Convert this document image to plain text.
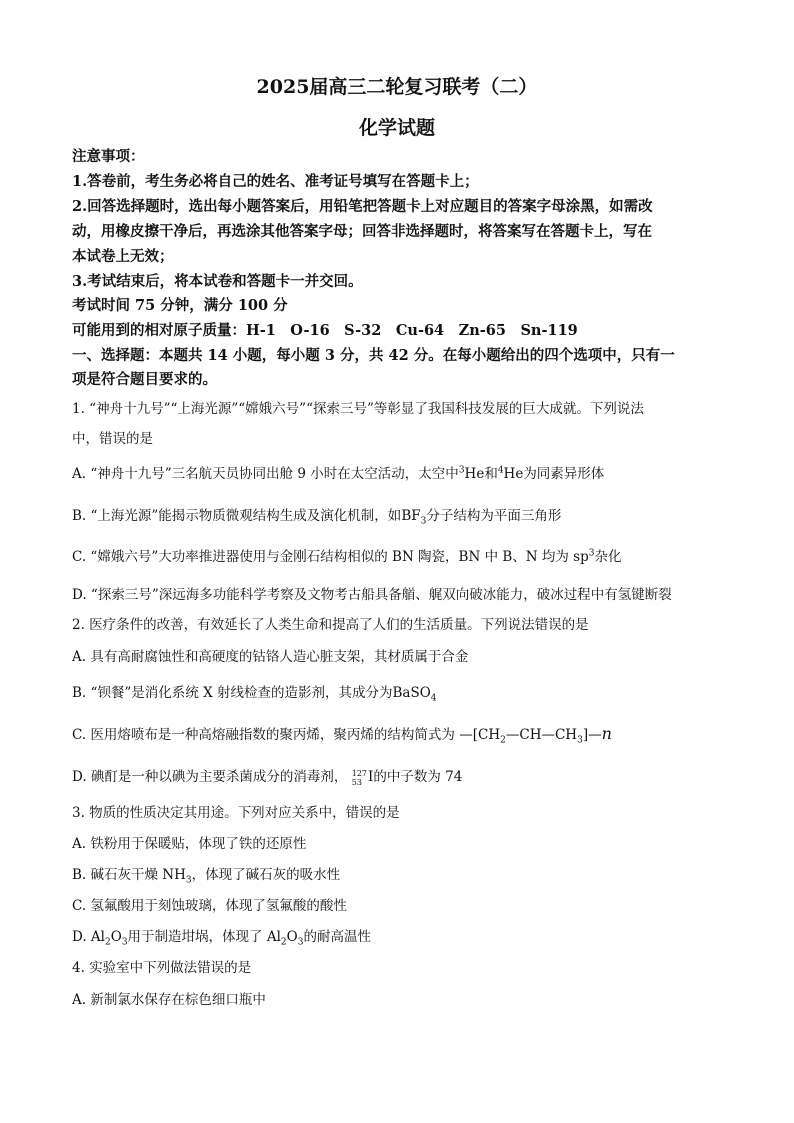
2025届高三二轮复习联考（二）
化学试题
注意事项：
1.答卷前，考生务必将自己的姓名、准考证号填写在答题卡上；
2.回答选择题时，选出每小题答案后，用铅笔把答题卡上对应题目的答案字母涂黑，如需改
动，用橡皮擦干净后，再选涂其他答案字母；回答非选择题时，将答案写在答题卡上，写在
本试卷上无效；
3.考试结束后，将本试卷和答题卡一并交回。
考试时间 75 分钟，满分 100 分
可能用到的相对原子质量：H-1　O-16　S-32　Cu-64　Zn-65　Sn-119
一、选择题：本题共 14 小题，每小题 3 分，共 42 分。在每小题给出的四个选项中，只有一
项是符合题目要求的。
1. “神舟十九号”“上海光源”“嫦娥六号”“探索三号”等彰显了我国科技发展的巨大成就。下列说法
中，错误的是
A. “神舟十九号”三名航天员协同出舱 9 小时在太空活动，太空中$^3$He和$^4$He为同素异形体
B. “上海光源”能揭示物质微观结构生成及演化机制，如$BF_3$分子结构为平面三角形
C. “嫦娥六号”大功率推进器使用与金刚石结构相似的 BN 陶瓷，BN 中 B、N 均为 $sp^3$杂化
D. “探索三号”深远海多功能科学考察及文物考古船具备艏、艉双向破冰能力，破冰过程中有氢键断裂
2. 医疗条件的改善，有效延长了人类生命和提高了人们的生活质量。下列说法错误的是
A. 具有高耐腐蚀性和高硬度的钴铬人造心脏支架，其材质属于合金
B. “钡餐”是消化系统 X 射线检查的造影剂，其成分为BaSO$_4$
C. 医用熔喷布是一种高熔融指数的聚丙烯，聚丙烯的结构简式为 $—[CH_2—CH—CH_3]—n$
D. 碘酊是一种以碘为主要杀菌成分的消毒剂， 127
53 I的中子数为 74
3. 物质的性质决定其用途。下列对应关系中，错误的是
A. 铁粉用于保暖贴，体现了铁的还原性
B. 碱石灰干燥 $NH_3$，体现了碱石灰的吸水性
C. 氢氟酸用于刻蚀玻璃，体现了氢氟酸的酸性
D. $Al_2O_3$用于制造坩埚，体现了 $Al_2O_3$的耐高温性
4. 实验室中下列做法错误的是
A. 新制氯水保存在棕色细口瓶中
